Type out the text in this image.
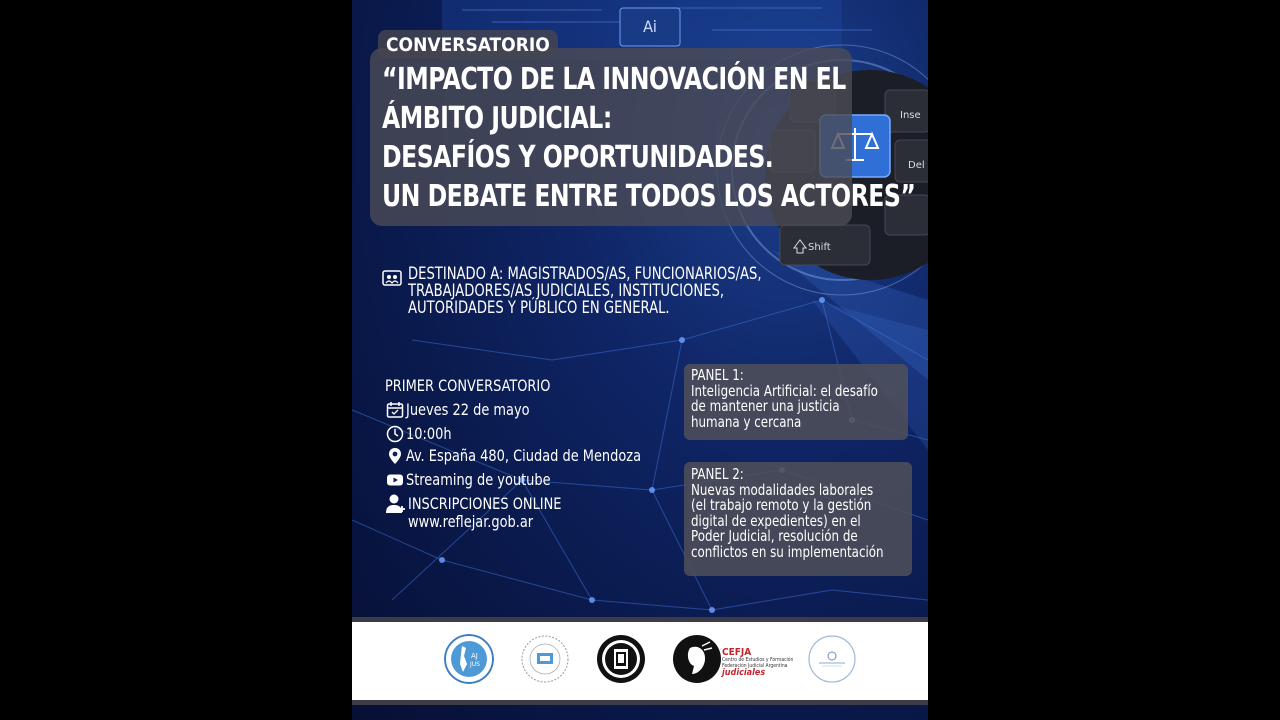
Inse
Del
Shift
Ai
CONVERSATORIO
“IMPACTO DE LA INNOVACIÓN EN EL
ÁMBITO JUDICIAL:
DESAFÍOS Y OPORTUNIDADES.
UN DEBATE ENTRE TODOS LOS ACTORES”
DESTINADO A: MAGISTRADOS/AS, FUNCIONARIOS/AS,
TRABAJADORES/AS JUDICIALES, INSTITUCIONES,
AUTORIDADES Y PÚBLICO EN GENERAL.
PRIMER CONVERSATORIO
Jueves 22 de mayo
10:00h
Av. España 480, Ciudad de Mendoza
Streaming de youtube
INSCRIPCIONES ONLINE
www.reflejar.gob.ar
PANEL 1:
Inteligencia Artificial: el desafío
de mantener una justicia
humana y cercana
PANEL 2:
Nuevas modalidades laborales
(el trabajo remoto y la gestión
digital de expedientes) en el
Poder Judicial, resolución de
conflictos en su implementación
AJ
JUS
CEFJA
Centro de Estudios y Formación
Federación Judicial Argentina
judiciales
